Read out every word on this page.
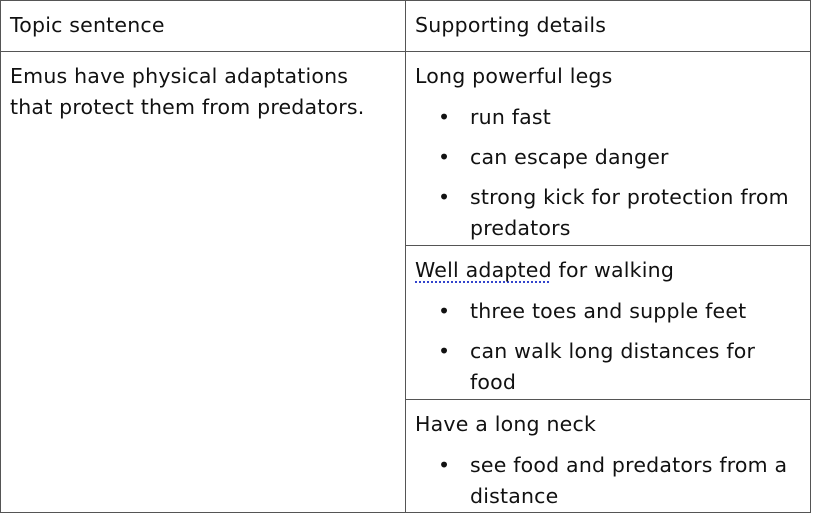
Topic sentence	Supporting details
Emus have physical adaptations
that protect them from predators.
Long powerful legs
• run fast
• can escape danger
• strong kick for protection from predators
Well adapted for walking
• three toes and supple feet
• can walk long distances for food
Have a long neck
• see food and predators from a distance
